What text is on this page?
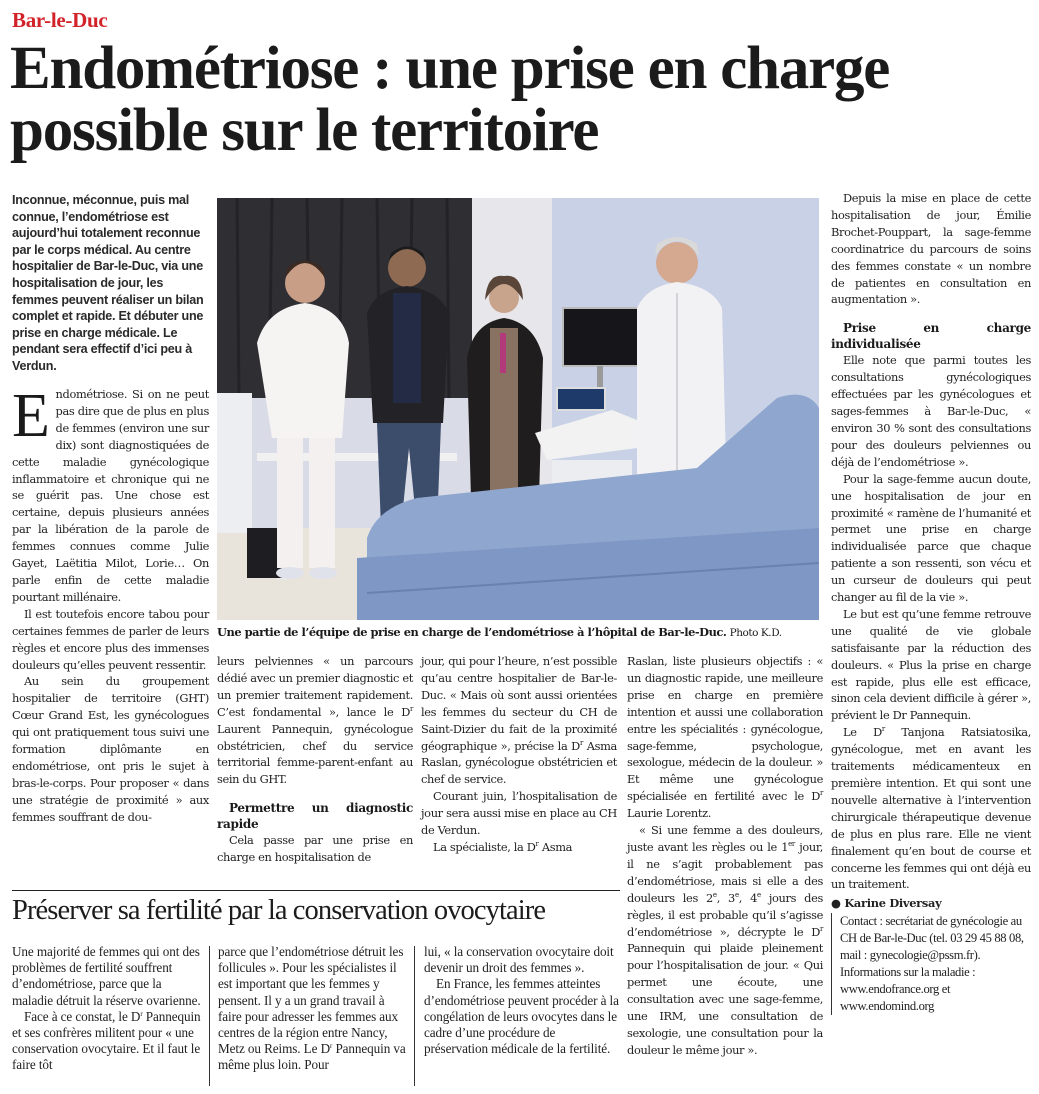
Bar-le-Duc
Endométriose : une prise en charge
possible sur le territoire
Inconnue, méconnue, puis mal connue, l’endométriose est aujourd’hui totalement reconnue par le corps médical. Au centre hospitalier de Bar-le-Duc, via une hospitalisation de jour, les femmes peuvent réaliser un bilan complet et rapide. Et débuter une prise en charge médicale. Le pendant sera effectif d’ici peu à Verdun.
Une partie de l’équipe de prise en charge de l’endométriose à l’hôpital de Bar-le-Duc. Photo K.D.

Endométriose. Si on ne peut pas dire que de plus en plus de femmes (environ une sur dix) sont diagnostiquées de cette maladie gynécologique inflammatoire et chronique qui ne se guérit pas. Une chose est certaine, depuis plusieurs années par la libération de la parole de femmes connues comme Julie Gayet, Laëtitia Milot, Lorie… On parle enfin de cette maladie pourtant millénaire.

Il est toutefois encore tabou pour certaines femmes de parler de leurs règles et encore plus des immenses douleurs qu’elles peuvent ressentir.

Au sein du groupement hospitalier de territoire (GHT) Cœur Grand Est, les gynécologues qui ont pratiquement tous suivi une formation diplômante en endométriose, ont pris le sujet à bras-le-corps. Pour proposer « dans une stratégie de proximité » aux femmes souffrant de dou-

leurs pelviennes « un parcours dédié avec un premier diagnostic et un premier traitement rapidement. C’est fondamental », lance le $D^r$ Laurent Pannequin, gynécologue obstétricien, chef du service territorial femme-parent-enfant au sein du GHT.

Permettre un diagnostic rapide

Cela passe par une prise en charge en hospitalisation de

jour, qui pour l’heure, n’est possible qu’au centre hospitalier de Bar-le-Duc. « Mais où sont aussi orientées les femmes du secteur du CH de Saint-Dizier du fait de la proximité géographique », précise la $D^r$ Asma Raslan, gynécologue obstétricien et chef de service.

Courant juin, l’hospitalisation de jour sera aussi mise en place au CH de Verdun.

La spécialiste, la $D^r$ Asma

Raslan, liste plusieurs objectifs : « un diagnostic rapide, une meilleure prise en charge en première intention et aussi une collaboration entre les spécialités : gynécologue, sage-femme, psychologue, sexologue, médecin de la douleur. » Et même une gynécologue spécialisée en fertilité avec le $D^r$ Laurie Lorentz.

« Si une femme a des douleurs, juste avant les règles ou le 1er jour, il ne s’agit probablement pas d’endométriose, mais si elle a des douleurs les 2e, 3e, 4e jours des règles, il est probable qu’il s’agisse d’endométriose », décrypte le $D^r$ Pannequin qui plaide pleinement pour l’hospitalisation de jour. « Qui permet une écoute, une consultation avec une sage-femme, une IRM, une consultation de sexologie, une consultation pour la douleur le même jour ».

Depuis la mise en place de cette hospitalisation de jour, Émilie Brochet-Pouppart, la sage-femme coordinatrice du parcours de soins des femmes constate « un nombre de patientes en consultation en augmentation ».

Prise en charge individualisée

Elle note que parmi toutes les consultations gynécologiques effectuées par les gynécologues et sages-femmes à Bar-le-Duc, « environ 30 % sont des consultations pour des douleurs pelviennes ou déjà de l’endométriose ».

Pour la sage-femme aucun doute, une hospitalisation de jour en proximité « ramène de l’humanité et permet une prise en charge individualisée parce que chaque patiente a son ressenti, son vécu et un curseur de douleurs qui peut changer au fil de la vie ».

Le but est qu’une femme retrouve une qualité de vie globale satisfaisante par la réduction des douleurs. « Plus la prise en charge est rapide, plus elle est efficace, sinon cela devient difficile à gérer », prévient le Dr Pannequin.

Le $D^r$ Tanjona Ratsiatosika, gynécologue, met en avant les traitements médicamenteux en première intention. Et qui sont une nouvelle alternative à l’intervention chirurgicale thérapeutique devenue de plus en plus rare. Elle ne vient finalement qu’en bout de course et concerne les femmes qui ont déjà eu un traitement.

● Karine Diversay
Contact : secrétariat de gynécologie au CH de Bar-le-Duc (tel. 03 29 45 88 08, mail : gynecologie@pssm.fr). Informations sur la maladie : www.endofrance.org et www.endomind.org
Préserver sa fertilité par la conservation ovocytaire

Une majorité de femmes qui ont des problèmes de fertilité souffrent d’endométriose, parce que la maladie détruit la réserve ovarienne.

Face à ce constat, le $D^r$ Pannequin et ses confrères militent pour « une conservation ovocytaire. Et il faut le faire tôt

parce que l’endométriose détruit les follicules ». Pour les spécialistes il est important que les femmes y pensent. Il y a un grand travail à faire pour adresser les femmes aux centres de la région entre Nancy, Metz ou Reims. Le $D^r$ Pannequin va même plus loin. Pour

lui, « la conservation ovocytaire doit devenir un droit des femmes ».

En France, les femmes atteintes d’endométriose peuvent procéder à la congélation de leurs ovocytes dans le cadre d’une procédure de préservation médicale de la fertilité.
